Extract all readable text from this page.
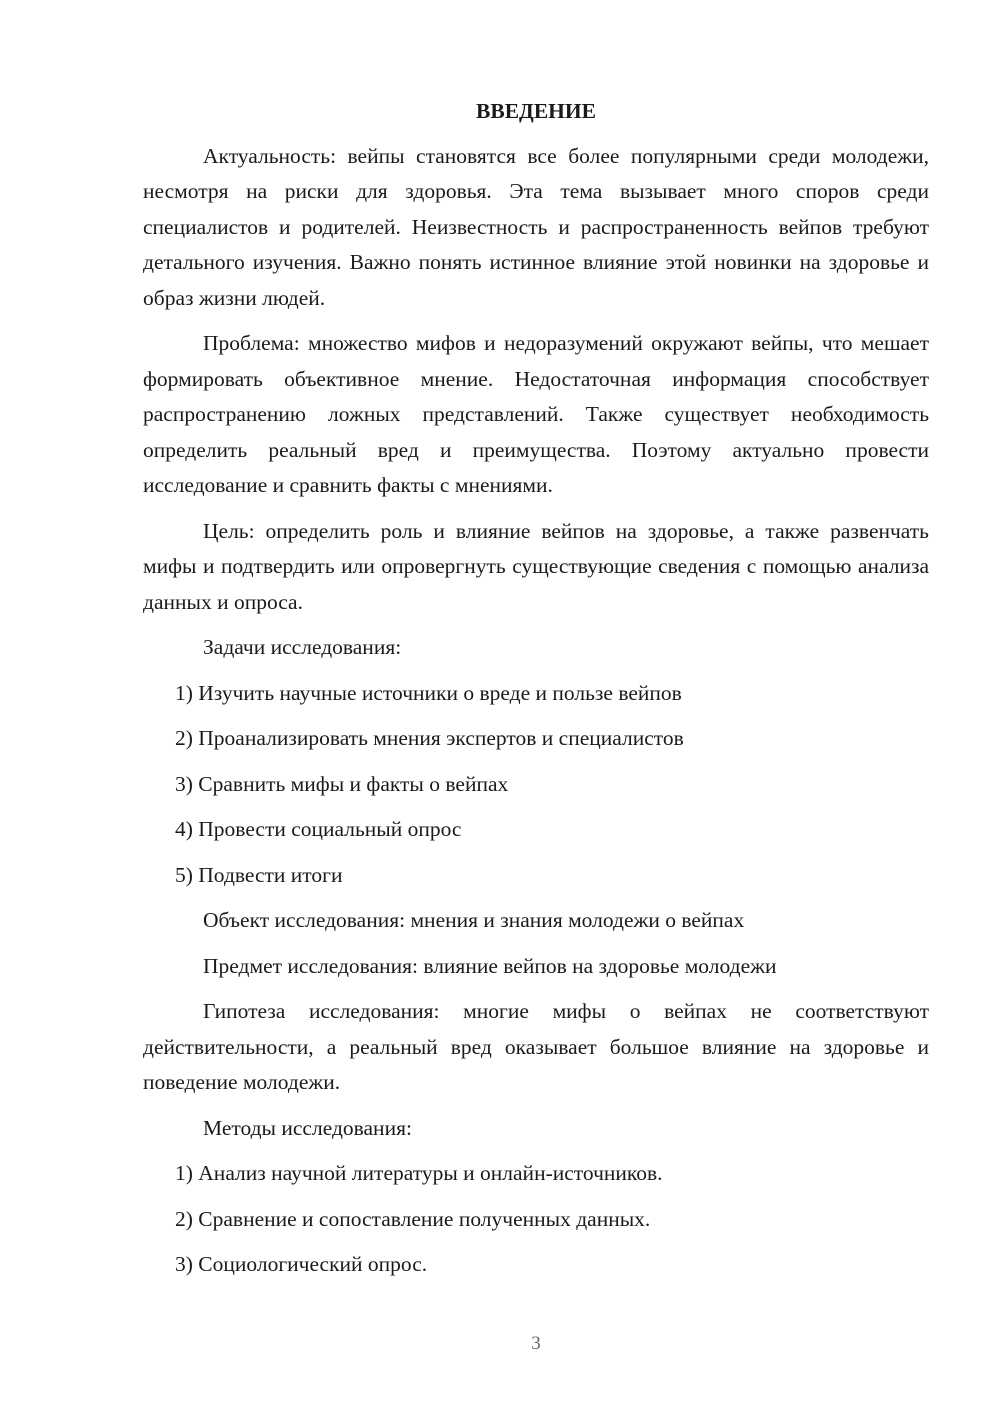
ВВЕДЕНИЕ

Актуальность: вейпы становятся все более популярными среди молодежи, несмотря на риски для здоровья. Эта тема вызывает много споров среди специалистов и родителей. Неизвестность и распространенность вейпов требуют детального изучения. Важно понять истинное влияние этой новинки на здоровье и образ жизни людей.

Проблема: множество мифов и недоразумений окружают вейпы, что мешает формировать объективное мнение. Недостаточная информация способствует распространению ложных представлений. Также существует необходимость определить реальный вред и преимущества. Поэтому актуально провести исследование и сравнить факты с мнениями.

Цель: определить роль и влияние вейпов на здоровье, а также развенчать мифы и подтвердить или опровергнуть существующие сведения с помощью анализа данных и опроса.

Задачи исследования:
1) Изучить научные источники о вреде и пользе вейпов
2) Проанализировать мнения экспертов и специалистов
3) Сравнить мифы и факты о вейпах
4) Провести социальный опрос
5) Подвести итоги
Объект исследования: мнения и знания молодежи о вейпах
Предмет исследования: влияние вейпов на здоровье молодежи

Гипотеза исследования: многие мифы о вейпах не соответствуют действительности, а реальный вред оказывает большое влияние на здоровье и поведение молодежи.

Методы исследования:
1) Анализ научной литературы и онлайн-источников.
2) Сравнение и сопоставление полученных данных.
3) Социологический опрос.
3
